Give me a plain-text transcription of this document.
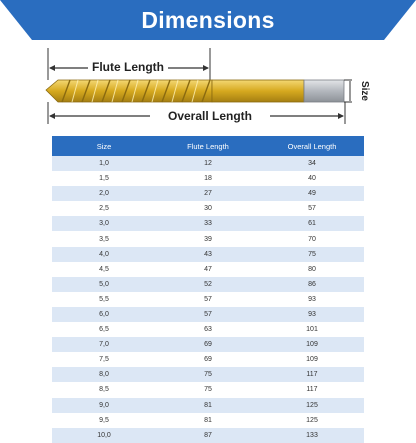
Dimensions
Flute Length
Size
Overall Length
Size	Flute Length	Overall Length
1,0	12	34
1,5	18	40
2,0	27	49
2,5	30	57
3,0	33	61
3,5	39	70
4,0	43	75
4,5	47	80
5,0	52	86
5,5	57	93
6,0	57	93
6,5	63	101
7,0	69	109
7,5	69	109
8,0	75	117
8,5	75	117
9,0	81	125
9,5	81	125
10,0	87	133
